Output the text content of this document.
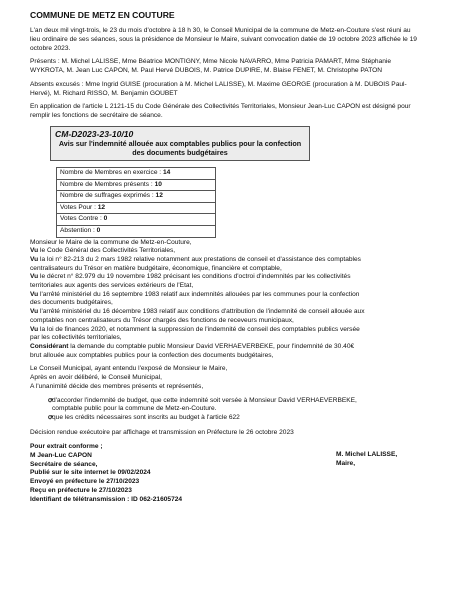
COMMUNE DE METZ EN COUTURE

L'an deux mil vingt-trois, le 23 du mois d'octobre à 18 h 30, le Conseil Municipal de la commune de Metz-en-Couture s'est réuni au lieu ordinaire de ses séances, sous la présidence de Monsieur le Maire, suivant convocation datée de 19 octobre 2023 affichée le 19 octobre 2023.

Présents : M. Michel LALISSE, Mme Béatrice MONTIGNY, Mme Nicole NAVARRO, Mme Patricia PAMART, Mme Stéphanie WYKROTA, M. Jean Luc CAPON, M. Paul Hervé DUBOIS, M. Patrice DUPIRE, M. Blaise FENET, M. Christophe PATON

Absents excusés : Mme Ingrid GUISE (procuration à M. Michel LALISSE), M. Maxime GEORGE (procuration à M. DUBOIS Paul-Hervé), M. Richard RISSO, M. Benjamin GOUBET

En application de l'article L 2121-15 du Code Générale des Collectivités Territoriales, Monsieur Jean-Luc CAPON est désigné pour remplir les fonctions de secrétaire de séance.

CM-D2023-23-10/10
Avis sur l'indemnité allouée aux comptables publics pour la confection des documents budgétaires
Nombre de Membres en exercice : 14
Nombre de Membres présents : 10
Nombre de suffrages exprimés : 12
Votes Pour : 12
Votes Contre : 0
Abstention : 0
Monsieur le Maire de la commune de Metz-en-Couture,
Vu le Code Général des Collectivités Territoriales,
Vu la loi n° 82-213 du 2 mars 1982 relative notamment aux prestations de conseil et d'assistance des comptables
centralisateurs du Trésor en matière budgétaire, économique, financière et comptable,
Vu le décret n° 82.979 du 19 novembre 1982 précisant les conditions d'octroi d'indemnités par les collectivités
territoriales aux agents des services extérieurs de l'Etat,
Vu l'arrêté ministériel du 16 septembre 1983 relatif aux indemnités allouées par les communes pour la confection
des documents budgétaires,
Vu l'arrêté ministériel du 16 décembre 1983 relatif aux conditions d'attribution de l'indemnité de conseil allouée aux
comptables non centralisateurs du Trésor chargés des fonctions de receveurs municipaux,
Vu la loi de finances 2020, et notamment la suppression de l'indemnité de conseil des comptables publics versée
par les collectivités territoriales,
Considérant la demande du comptable public Monsieur David VERHAEVERBEKE, pour l'indemnité de 30.40€
brut allouée aux comptables publics pour la confection des documents budgétaires,

Le Conseil Municipal, ayant entendu l'exposé de Monsieur le Maire,
Après en avoir délibéré, le Conseil Municipal,
A l'unanimité décide des membres présents et représentés,

ꝍd'accorder l'indemnité de budget, que cette indemnité soit versée à Monsieur David VERHAEVERBEKE,
comptable public pour la commune de Metz-en-Couture.
ꝍque les crédits nécessaires sont inscrits au budget à l'article 622

Décision rendue exécutoire par affichage et transmission en Préfecture le 26 octobre 2023

Pour extrait conforme ;
M Jean-Luc CAPON
Secrétaire de séance,
Publié sur le site internet le 09/02/2024
Envoyé en préfecture le 27/10/2023
Reçu en préfecture le 27/10/2023
Identifiant de télétransmission : ID 062-21605724
M. Michel LALISSE,
Maire,
